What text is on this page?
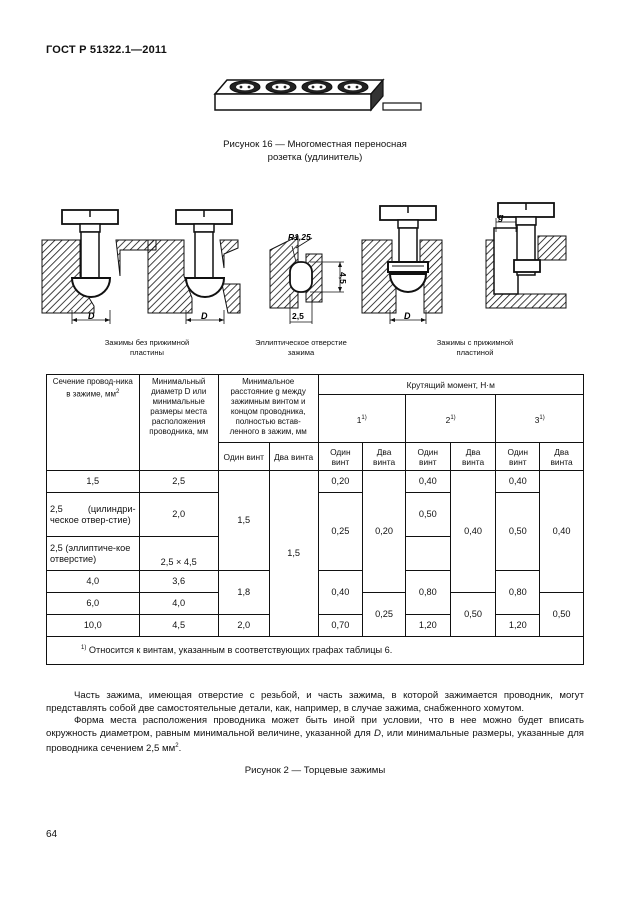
ГОСТ Р 51322.1—2011
Рисунок 16 — Многоместная переносная
розетка (удлинитель)
D	D
4,5
2,5
R1,25
D
g
Зажимы без прижимной
пластины
Эллиптическое отверстие
зажима
Зажимы с прижимной
пластиной
Сечение провод-ника в зажиме, $мм^2$	Минимальный диаметр D или минимальные размеры места расположения проводника, мм	Минимальное расстояние g между зажимным винтом и концом проводника, полностью встав-ленного в зажим, мм		Крутящий момент, Н·м					
				1$^{1)}$		2$^{1)}$		3$^{1)}$
		Один винт	Два винта	Один винт	Два винта	Один винт	Два винта	Один винт	Два винта
1,5	2,5	1,5	1,5	0,20	0,20	0,40	0,40	0,40	0,40
2,5 (цилиндри-ческое отвер-стие)	2,0			0,25		0,50		0,50	
2,5 (эллиптиче-кое отверстие)	2,5 × 4,5								
4,0	3,6	1,8		0,40		0,80		0,80	
6,0	4,0				0,25		0,50		0,50
10,0	4,5	2,0		0,70		1,20		1,20	
$^{1)}$ Относится к винтам, указанным в соответствующих графах таблицы 6.									

Часть зажима, имеющая отверстие с резьбой, и часть зажима, в которой зажимается проводник, могут представлять собой две самостоятельные детали, как, например, в случае зажима, снабженного хомутом.

Форма места расположения проводника может быть иной при условии, что в нее можно будет вписать окружность диаметром, равным минимальной величине, указанной для D, или минимальные размеры, указанные для проводника сечением 2,5 $мм^2$.

Рисунок 2 — Торцевые зажимы
64
